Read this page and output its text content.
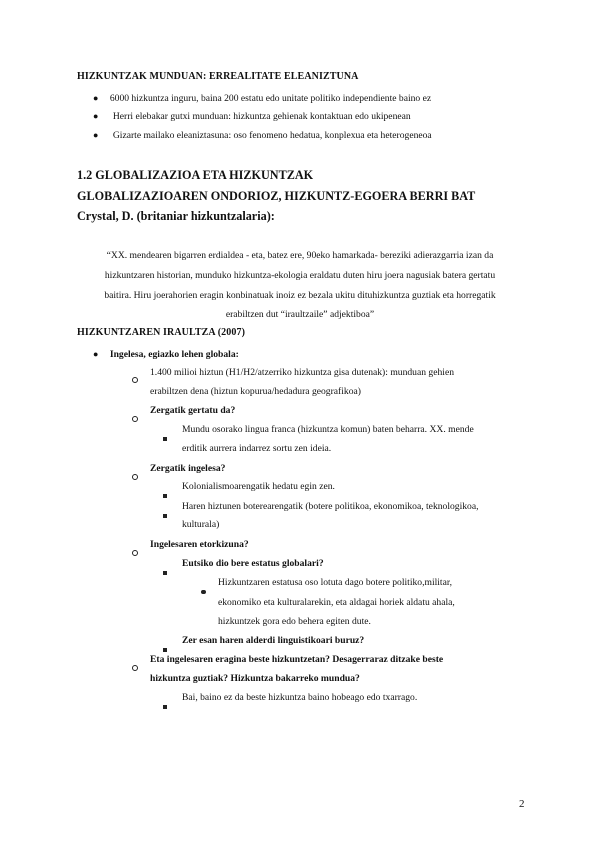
HIZKUNTZAK MUNDUAN: ERREALITATE ELEANIZTUNA
● 6000 hizkuntza inguru, baina 200 estatu edo unitate politiko independiente baino ez
● Herri elebakar gutxi munduan: hizkuntza gehienak kontaktuan edo ukipenean
● Gizarte mailako eleaniztasuna: oso fenomeno hedatua, konplexua eta heterogeneoa
1.2 GLOBALIZAZIOA ETA HIZKUNTZAK
GLOBALIZAZIOAREN ONDORIOZ, HIZKUNTZ-EGOERA BERRI BAT
Crystal, D. (britaniar hizkuntzalaria):
“XX. mendearen bigarren erdialdea - eta, batez ere, 90eko hamarkada- bereziki adierazgarria izan da
hizkuntzaren historian, munduko hizkuntza-ekologia eraldatu duten hiru joera nagusiak batera gertatu
baitira. Hiru joerahorien eragin konbinatuak inoiz ez bezala ukitu dituhizkuntza guztiak eta horregatik
erabiltzen dut “iraultzaile” adjektiboa”
HIZKUNTZAREN IRAULTZA (2007)
● Ingelesa, egiazko lehen globala:
1.400 milioi hiztun (H1/H2/atzerriko hizkuntza gisa dutenak): munduan gehien
erabiltzen dena (hiztun kopurua/hedadura geografikoa)
Zergatik gertatu da?
Mundu osorako lingua franca (hizkuntza komun) baten beharra. XX. mende
erditik aurrera indarrez sortu zen ideia.
Zergatik ingelesa?
Kolonialismoarengatik hedatu egin zen.
Haren hiztunen boterearengatik (botere politikoa, ekonomikoa, teknologikoa,
kulturala)
Ingelesaren etorkizuna?
Eutsiko dio bere estatus globalari?
Hizkuntzaren estatusa oso lotuta dago botere politiko,militar,
ekonomiko eta kulturalarekin, eta aldagai horiek aldatu ahala,
hizkuntzek gora edo behera egiten dute.
Zer esan haren alderdi linguistikoari buruz?
Eta ingelesaren eragina beste hizkuntzetan? Desagerraraz ditzake beste
hizkuntza guztiak? Hizkuntza bakarreko mundua?
Bai, baino ez da beste hizkuntza baino hobeago edo txarrago.
2
